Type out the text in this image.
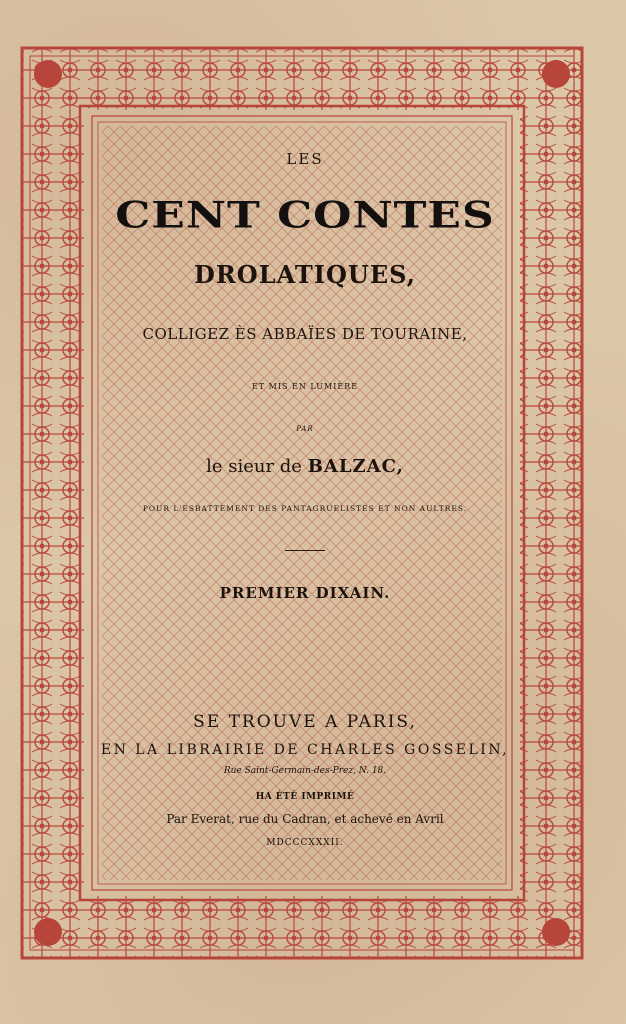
LES
CENT CONTES
DROLATIQUES,
COLLIGEZ ÈS ABBAÏES DE TOURAINE,
ET MIS EN LUMIÈRE
PAR
le sieur de BALZAC,
POUR L'ESBATTEMENT DES PANTAGRUELISTES ET NON AULTRES.
PREMIER DIXAIN.
SE TROUVE A PARIS,
EN LA LIBRAIRIE DE CHARLES GOSSELIN,
Rue Saint-Germain-des-Prez, N. 18.
HA ÉTÉ IMPRIMÉ
Par Everat, rue du Cadran, et achevé en Avril
MDCCCXXXII.
